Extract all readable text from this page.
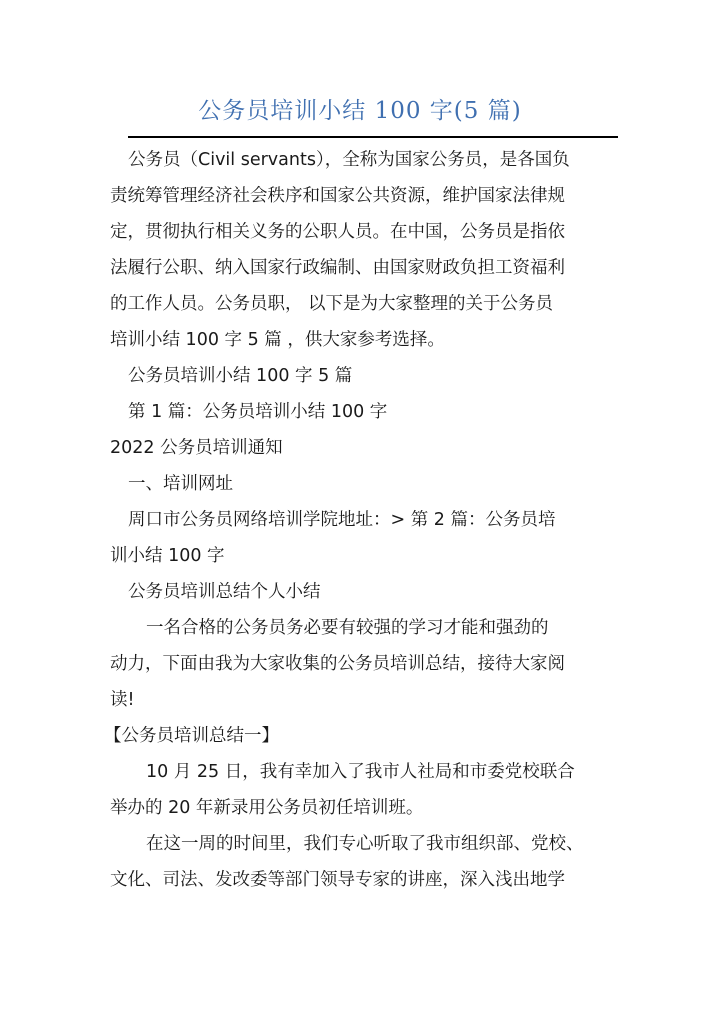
公务员培训小结 100 字(5 篇)

公务员（Civil servants），全称为国家公务员，是各国负

责统筹管理经济社会秩序和国家公共资源，维护国家法律规
定，贯彻执行相关义务的公职人员。在中国，公务员是指依
法履行公职、纳入国家行政编制、由国家财政负担工资福利
的工作人员。公务员职， 以下是为大家整理的关于公务员
培训小结 100 字 5 篇 ，供大家参考选择。

公务员培训小结 100 字 5 篇

第 1 篇：公务员培训小结 100 字

2022 公务员培训通知

一、培训网址

周口市公务员网络培训学院地址：> 第 2 篇：公务员培

训小结 100 字

公务员培训总结个人小结

一名合格的公务员务必要有较强的学习才能和强劲的

动力，下面由我为大家收集的公务员培训总结，接待大家阅
读!

【公务员培训总结一】

10 月 25 日，我有幸加入了我市人社局和市委党校联合

举办的 20 年新录用公务员初任培训班。

在这一周的时间里，我们专心听取了我市组织部、党校、

文化、司法、发改委等部门领导专家的讲座，深入浅出地学
